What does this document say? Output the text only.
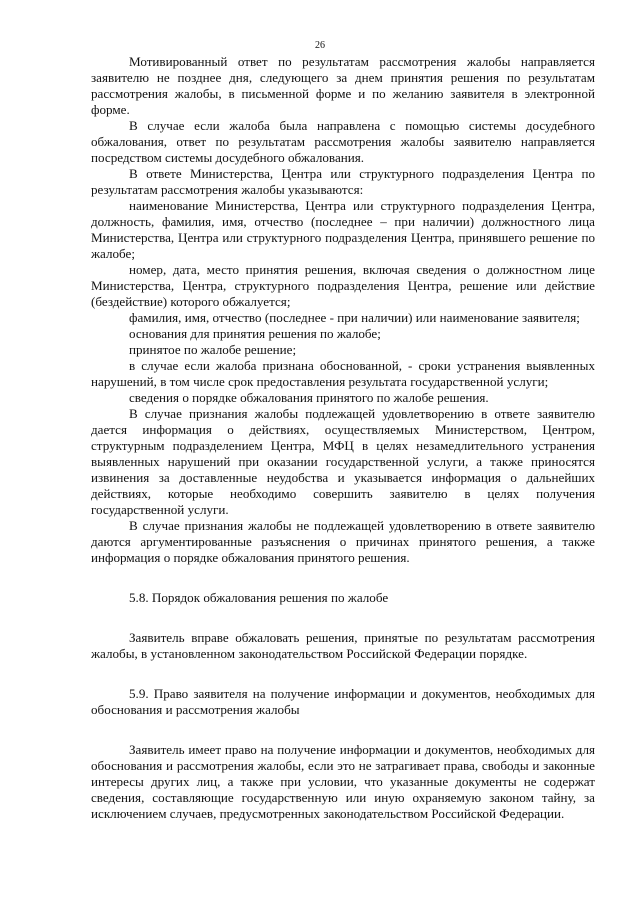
26

Мотивированный ответ по результатам рассмотрения жалобы направляется заявителю не позднее дня, следующего за днем принятия решения по результатам рассмотрения жалобы, в письменной форме и по желанию заявителя в электронной форме.

В случае если жалоба была направлена с помощью системы досудебного обжалования, ответ по результатам рассмотрения жалобы заявителю направляется посредством системы досудебного обжалования.

В ответе Министерства, Центра или структурного подразделения Центра по результатам рассмотрения жалобы указываются:

наименование Министерства, Центра или структурного подразделения Центра, должность, фамилия, имя, отчество (последнее – при наличии) должностного лица Министерства, Центра или структурного подразделения Центра, принявшего решение по жалобе;

номер, дата, место принятия решения, включая сведения о должностном лице Министерства, Центра, структурного подразделения Центра, решение или действие (бездействие) которого обжалуется;

фамилия, имя, отчество (последнее - при наличии) или наименование заявителя;

основания для принятия решения по жалобе;

принятое по жалобе решение;

в случае если жалоба признана обоснованной, - сроки устранения выявленных нарушений, в том числе срок предоставления результата государственной услуги;

сведения о порядке обжалования принятого по жалобе решения.

В случае признания жалобы подлежащей удовлетворению в ответе заявителю дается информация о действиях, осуществляемых Министерством, Центром, структурным подразделением Центра, МФЦ в целях незамедлительного устранения выявленных нарушений при оказании государственной услуги, а также приносятся извинения за доставленные неудобства и указывается информация о дальнейших действиях, которые необходимо совершить заявителю в целях получения государственной услуги.

В случае признания жалобы не подлежащей удовлетворению в ответе заявителю даются аргументированные разъяснения о причинах принятого решения, а также информация о порядке обжалования принятого решения.

5.8. Порядок обжалования решения по жалобе

Заявитель вправе обжаловать решения, принятые по результатам рассмотрения жалобы, в установленном законодательством Российской Федерации порядке.

5.9. Право заявителя на получение информации и документов, необходимых для обоснования и рассмотрения жалобы

Заявитель имеет право на получение информации и документов, необходимых для обоснования и рассмотрения жалобы, если это не затрагивает права, свободы и законные интересы других лиц, а также при условии, что указанные документы не содержат сведения, составляющие государственную или иную охраняемую законом тайну, за исключением случаев, предусмотренных законодательством Российской Федерации.
